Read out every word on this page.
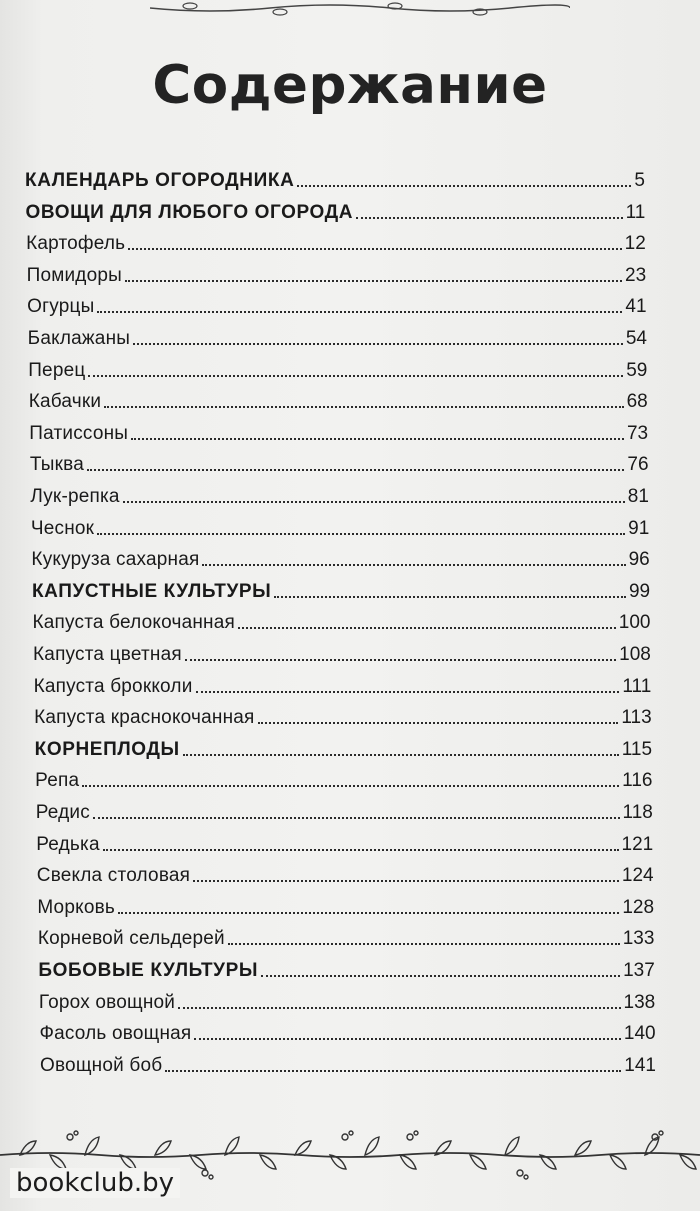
Содержание
КАЛЕНДАРЬ ОГОРОДНИКА	5
ОВОЩИ ДЛЯ ЛЮБОГО ОГОРОДА	11
Картофель	12
Помидоры	23
Огурцы	41
Баклажаны	54
Перец	59
Кабачки	68
Патиссоны	73
Тыква	76
Лук-репка	81
Чеснок	91
Кукуруза сахарная	96
КАПУСТНЫЕ КУЛЬТУРЫ	99
Капуста белокочанная	100
Капуста цветная	108
Капуста брокколи	111
Капуста краснокочанная	113
КОРНЕПЛОДЫ	115
Репа	116
Редис	118
Редька	121
Свекла столовая	124
Морковь	128
Корневой сельдерей	133
БОБОВЫЕ КУЛЬТУРЫ	137
Горох овощной	138
Фасоль овощная	140
Овощной боб	141
bookclub.by
